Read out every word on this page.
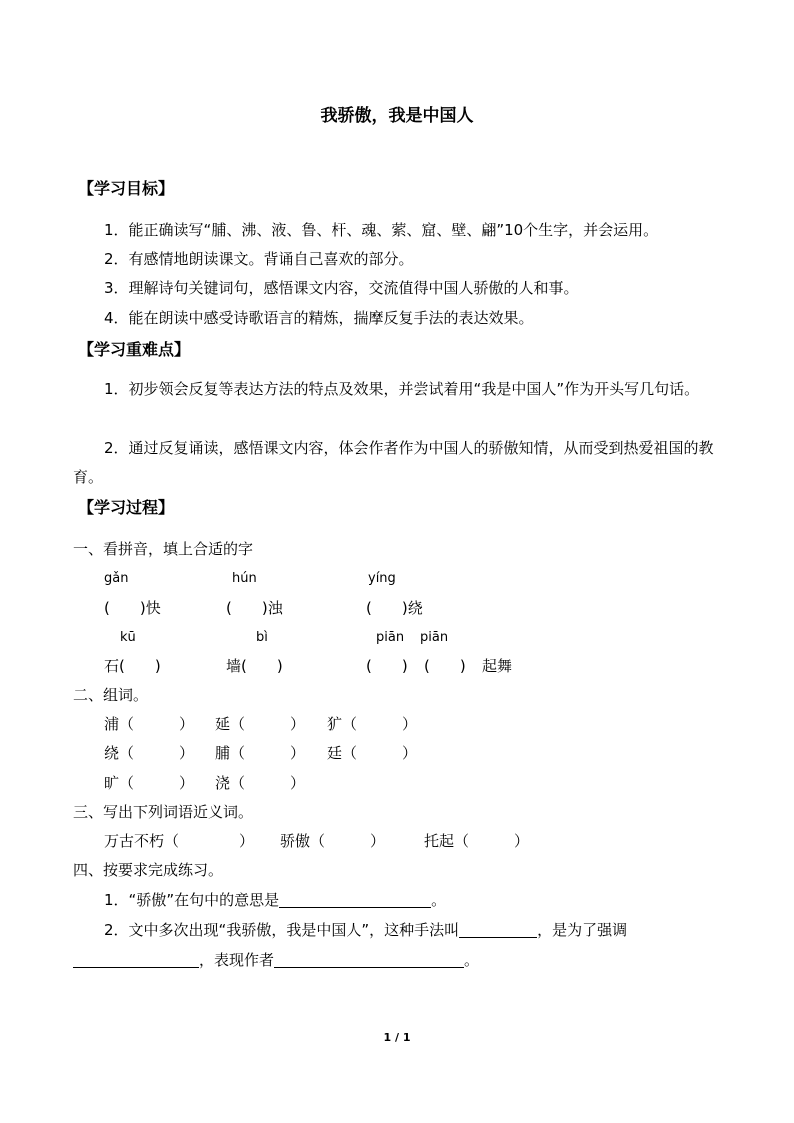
我骄傲，我是中国人
【学习目标】
1．能正确读写“脯、沸、液、鲁、杆、魂、萦、窟、壁、翩”10个生字，并会运用。
2．有感情地朗读课文。背诵自己喜欢的部分。
3．理解诗句关键词句，感悟课文内容，交流值得中国人骄傲的人和事。
4．能在朗读中感受诗歌语言的精炼，揣摩反复手法的表达效果。
【学习重难点】
1．初步领会反复等表达方法的特点及效果，并尝试着用“我是中国人”作为开头写几句话。
2．通过反复诵读，感悟课文内容，体会作者作为中国人的骄傲知情，从而受到热爱祖国的教育。
【学习过程】
一、看拼音，填上合适的字
gǎn	hún	yíng
(　　)快	(　　)浊	(　　)绕
kū	bì	piān piān
石(　　)	墙(　　)	(　　) (　　) 起舞
二、组词。
浦（　　　） 延（　　　） 犷（　　　）
绕（　　　） 脯（　　　） 廷（　　　）
旷（　　　） 浇（　　　）
三、写出下列词语近义词。
万古不朽（　　　　） 骄傲（　　　）	托起（　　　）
四、按要求完成练习。
1．“骄傲”在句中的意思是	。
2．文中多次出现“我骄傲，我是中国人”，这种手法叫	，是为了强调
，表现作者	。
1 / 1
